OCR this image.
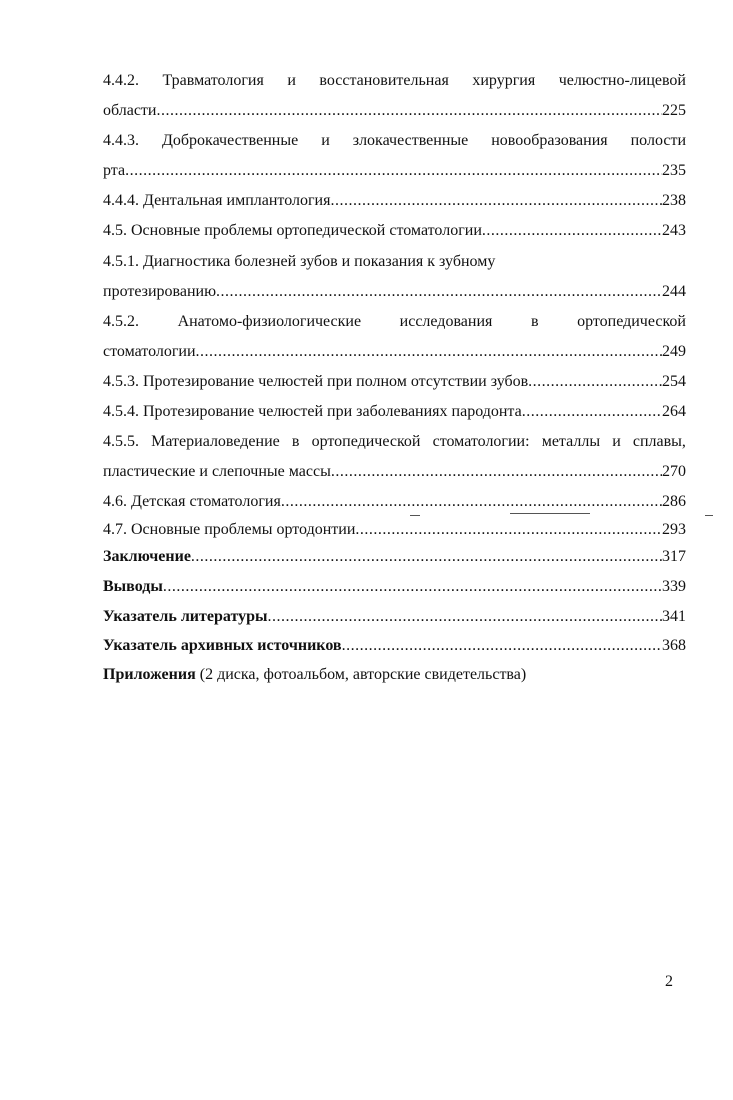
4.4.2. Травматология и восстановительная хирургия челюстно-лицевой
области .....	225
4.4.3. Доброкачественные и злокачественные новообразования полости
рта .....	235
4.4.4. Дентальная имплантология .....	238
4.5. Основные проблемы ортопедической стоматологии .....	243
4.5.1. Диагностика болезней зубов и показания к зубному
протезированию .....	244
4.5.2. Анатомо-физиологические исследования в ортопедической
стоматологии .....	249
4.5.3. Протезирование челюстей при полном отсутствии зубов .....	254
4.5.4. Протезирование челюстей при заболеваниях пародонта .....	264
4.5.5. Материаловедение в ортопедической стоматологии: металлы и сплавы,
пластические и слепочные массы .....	270
4.6. Детская стоматология .....	286
4.7. Основные проблемы ортодонтии .....	293
Заключение .....	317
Выводы .....	339
Указатель литературы .....	341
Указатель архивных источников .....	368
Приложения (2 диска, фотоальбом, авторские свидетельства)
2
